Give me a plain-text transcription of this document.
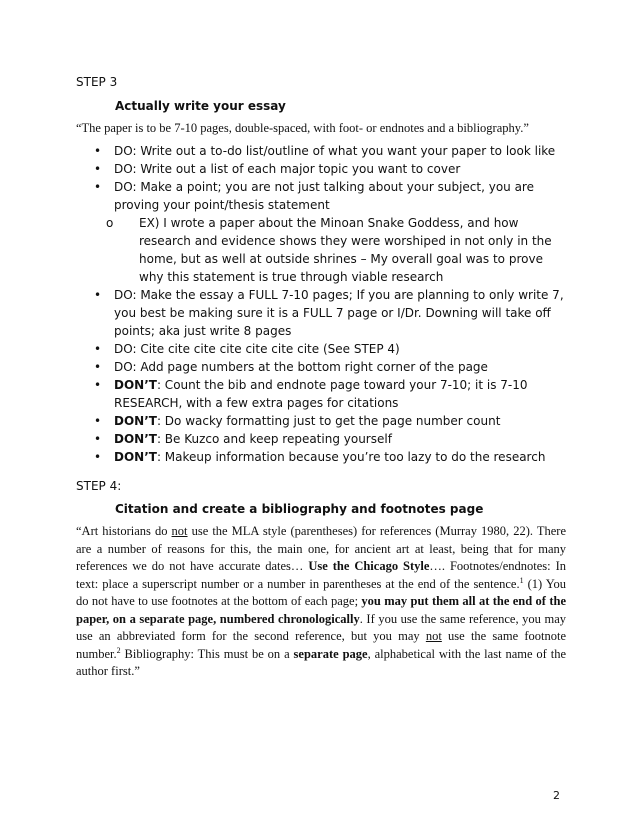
STEP 3
Actually write your essay
“The paper is to be 7-10 pages, double-spaced, with foot- or endnotes and a bibliography.”
• DO: Write out a to-do list/outline of what you want your paper to look like
• DO: Write out a list of each major topic you want to cover
• DO: Make a point; you are not just talking about your subject, you are proving your point/thesis statement
o EX) I wrote a paper about the Minoan Snake Goddess, and how research and evidence shows they were worshiped in not only in the home, but as well at outside shrines – My overall goal was to prove why this statement is true through viable research
• DO: Make the essay a FULL 7-10 pages; If you are planning to only write 7, you best be making sure it is a FULL 7 page or I/Dr. Downing will take off points; aka just write 8 pages
• DO: Cite cite cite cite cite cite cite (See STEP 4)
• DO: Add page numbers at the bottom right corner of the page
• DON’T: Count the bib and endnote page toward your 7-10; it is 7-10 RESEARCH, with a few extra pages for citations
• DON’T: Do wacky formatting just to get the page number count
• DON’T: Be Kuzco and keep repeating yourself
• DON’T: Makeup information because you’re too lazy to do the research
STEP 4:
Citation and create a bibliography and footnotes page
“Art historians do not use the MLA style (parentheses) for references (Murray 1980, 22). There are a number of reasons for this, the main one, for ancient art at least, being that for many references we do not have accurate dates… Use the Chicago Style…. Footnotes/endnotes: In text: place a superscript number or a number in parentheses at the end of the sentence.$^1$ (1) You do not have to use footnotes at the bottom of each page; you may put them all at the end of the paper, on a separate page, numbered chronologically. If you use the same reference, you may use an abbreviated form for the second reference, but you may not use the same footnote number.$^2$ Bibliography: This must be on a separate page, alphabetical with the last name of the author first.”
2
